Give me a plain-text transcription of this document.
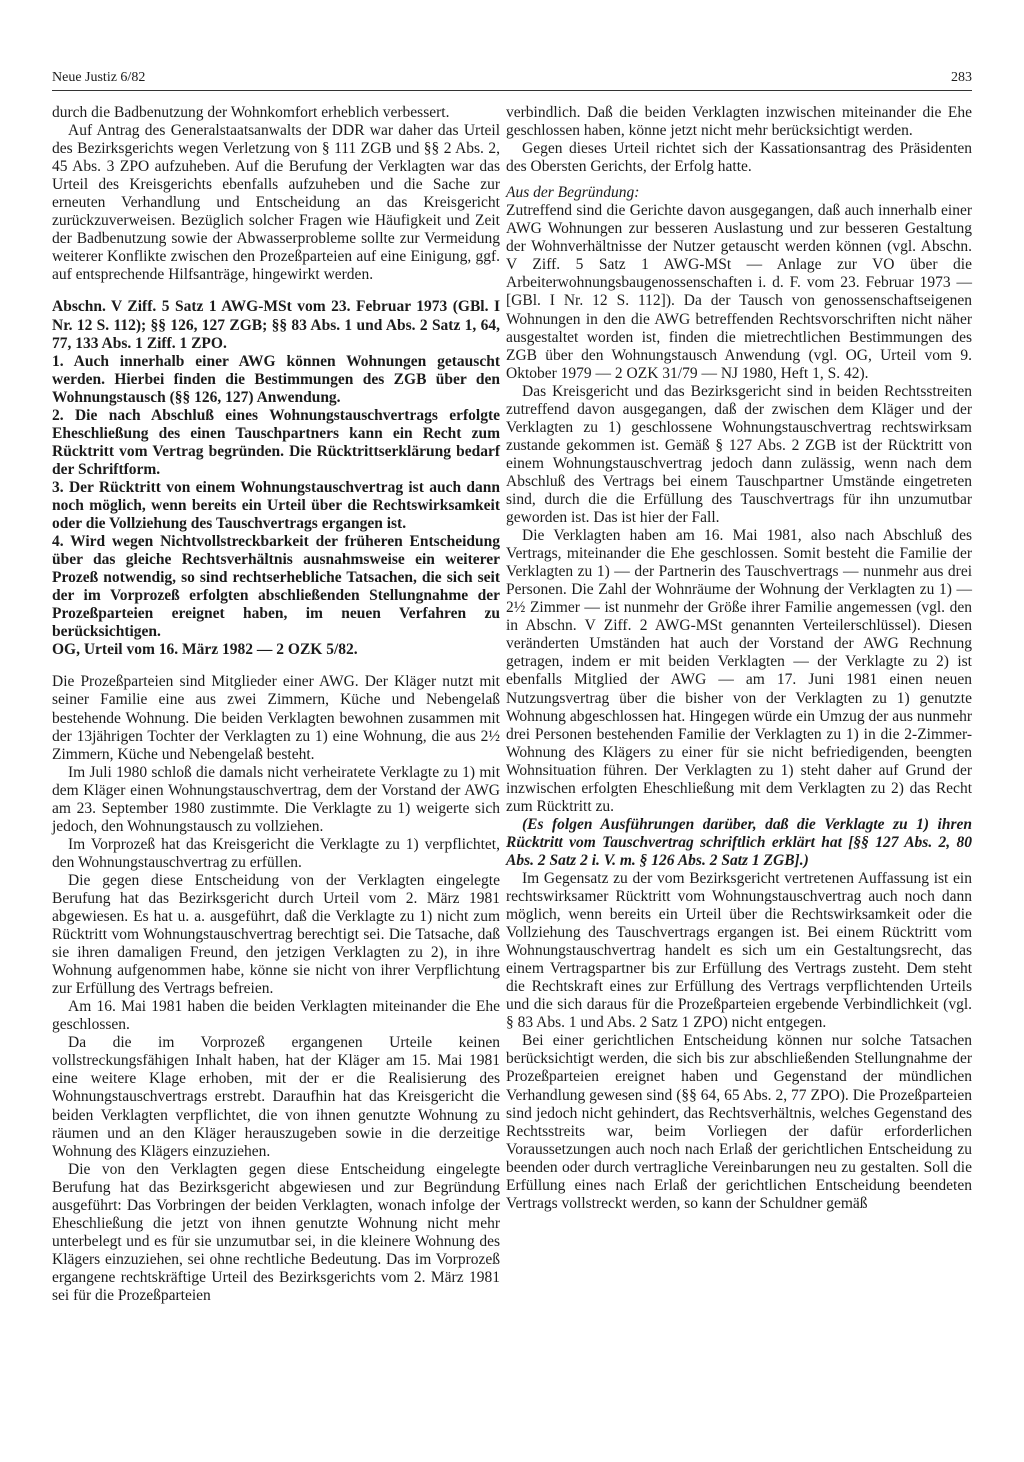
Neue Justiz 6/82	283

durch die Badbenutzung der Wohnkomfort erheblich verbessert.

Auf Antrag des Generalstaatsanwalts der DDR war daher das Urteil des Bezirksgerichts wegen Verletzung von § 111 ZGB und §§ 2 Abs. 2, 45 Abs. 3 ZPO aufzuheben. Auf die Berufung der Verklagten war das Urteil des Kreisgerichts ebenfalls aufzuheben und die Sache zur erneuten Verhandlung und Entscheidung an das Kreisgericht zurückzuverweisen. Bezüglich solcher Fragen wie Häufigkeit und Zeit der Badbenutzung sowie der Abwasserprobleme sollte zur Vermeidung weiterer Konflikte zwischen den Prozeßparteien auf eine Einigung, ggf. auf entsprechende Hilfsanträge, hingewirkt werden.

Abschn. V Ziff. 5 Satz 1 AWG-MSt vom 23. Februar 1973 (GBl. I Nr. 12 S. 112); §§ 126, 127 ZGB; §§ 83 Abs. 1 und Abs. 2 Satz 1, 64, 77, 133 Abs. 1 Ziff. 1 ZPO.

1. Auch innerhalb einer AWG können Wohnungen getauscht werden. Hierbei finden die Bestimmungen des ZGB über den Wohnungstausch (§§ 126, 127) Anwendung.

2. Die nach Abschluß eines Wohnungstauschvertrags erfolgte Eheschließung des einen Tauschpartners kann ein Recht zum Rücktritt vom Vertrag begründen. Die Rücktrittserklärung bedarf der Schriftform.

3. Der Rücktritt von einem Wohnungstauschvertrag ist auch dann noch möglich, wenn bereits ein Urteil über die Rechtswirksamkeit oder die Vollziehung des Tauschvertrags ergangen ist.

4. Wird wegen Nichtvollstreckbarkeit der früheren Entscheidung über das gleiche Rechtsverhältnis ausnahmsweise ein weiterer Prozeß notwendig, so sind rechtserhebliche Tatsachen, die sich seit der im Vorprozeß erfolgten abschließenden Stellungnahme der Prozeßparteien ereignet haben, im neuen Verfahren zu berücksichtigen.

OG, Urteil vom 16. März 1982 — 2 OZK 5/82.

Die Prozeßparteien sind Mitglieder einer AWG. Der Kläger nutzt mit seiner Familie eine aus zwei Zimmern, Küche und Nebengelaß bestehende Wohnung. Die beiden Verklagten bewohnen zusammen mit der 13jährigen Tochter der Verklagten zu 1) eine Wohnung, die aus 2½ Zimmern, Küche und Nebengelaß besteht.

Im Juli 1980 schloß die damals nicht verheiratete Verklagte zu 1) mit dem Kläger einen Wohnungstauschvertrag, dem der Vorstand der AWG am 23. September 1980 zustimmte. Die Verklagte zu 1) weigerte sich jedoch, den Wohnungstausch zu vollziehen.

Im Vorprozeß hat das Kreisgericht die Verklagte zu 1) verpflichtet, den Wohnungstauschvertrag zu erfüllen.

Die gegen diese Entscheidung von der Verklagten eingelegte Berufung hat das Bezirksgericht durch Urteil vom 2. März 1981 abgewiesen. Es hat u. a. ausgeführt, daß die Verklagte zu 1) nicht zum Rücktritt vom Wohnungstauschvertrag berechtigt sei. Die Tatsache, daß sie ihren damaligen Freund, den jetzigen Verklagten zu 2), in ihre Wohnung aufgenommen habe, könne sie nicht von ihrer Verpflichtung zur Erfüllung des Vertrags befreien.

Am 16. Mai 1981 haben die beiden Verklagten miteinander die Ehe geschlossen.

Da die im Vorprozeß ergangenen Urteile keinen vollstreckungsfähigen Inhalt haben, hat der Kläger am 15. Mai 1981 eine weitere Klage erhoben, mit der er die Realisierung des Wohnungstauschvertrags erstrebt. Daraufhin hat das Kreisgericht die beiden Verklagten verpflichtet, die von ihnen genutzte Wohnung zu räumen und an den Kläger herauszugeben sowie in die derzeitige Wohnung des Klägers einzuziehen.

Die von den Verklagten gegen diese Entscheidung eingelegte Berufung hat das Bezirksgericht abgewiesen und zur Begründung ausgeführt: Das Vorbringen der beiden Verklagten, wonach infolge der Eheschließung die jetzt von ihnen genutzte Wohnung nicht mehr unterbelegt und es für sie unzumutbar sei, in die kleinere Wohnung des Klägers einzuziehen, sei ohne rechtliche Bedeutung. Das im Vorprozeß ergangene rechtskräftige Urteil des Bezirksgerichts vom 2. März 1981 sei für die Prozeßparteien

verbindlich. Daß die beiden Verklagten inzwischen miteinander die Ehe geschlossen haben, könne jetzt nicht mehr berücksichtigt werden.

Gegen dieses Urteil richtet sich der Kassationsantrag des Präsidenten des Obersten Gerichts, der Erfolg hatte.

Aus der Begründung:

Zutreffend sind die Gerichte davon ausgegangen, daß auch innerhalb einer AWG Wohnungen zur besseren Auslastung und zur besseren Gestaltung der Wohnverhältnisse der Nutzer getauscht werden können (vgl. Abschn. V Ziff. 5 Satz 1 AWG-MSt — Anlage zur VO über die Arbeiterwohnungsbaugenossenschaften i. d. F. vom 23. Februar 1973 — [GBl. I Nr. 12 S. 112]). Da der Tausch von genossenschaftseigenen Wohnungen in den die AWG betreffenden Rechtsvorschriften nicht näher ausgestaltet worden ist, finden die mietrechtlichen Bestimmungen des ZGB über den Wohnungstausch Anwendung (vgl. OG, Urteil vom 9. Oktober 1979 — 2 OZK 31/79 — NJ 1980, Heft 1, S. 42).

Das Kreisgericht und das Bezirksgericht sind in beiden Rechtsstreiten zutreffend davon ausgegangen, daß der zwischen dem Kläger und der Verklagten zu 1) geschlossene Wohnungstauschvertrag rechtswirksam zustande gekommen ist. Gemäß § 127 Abs. 2 ZGB ist der Rücktritt von einem Wohnungstauschvertrag jedoch dann zulässig, wenn nach dem Abschluß des Vertrags bei einem Tauschpartner Umstände eingetreten sind, durch die die Erfüllung des Tauschvertrags für ihn unzumutbar geworden ist. Das ist hier der Fall.

Die Verklagten haben am 16. Mai 1981, also nach Abschluß des Vertrags, miteinander die Ehe geschlossen. Somit besteht die Familie der Verklagten zu 1) — der Partnerin des Tauschvertrags — nunmehr aus drei Personen. Die Zahl der Wohnräume der Wohnung der Verklagten zu 1) — 2½ Zimmer — ist nunmehr der Größe ihrer Familie angemessen (vgl. den in Abschn. V Ziff. 2 AWG-MSt genannten Verteilerschlüssel). Diesen veränderten Umständen hat auch der Vorstand der AWG Rechnung getragen, indem er mit beiden Verklagten — der Verklagte zu 2) ist ebenfalls Mitglied der AWG — am 17. Juni 1981 einen neuen Nutzungsvertrag über die bisher von der Verklagten zu 1) genutzte Wohnung abgeschlossen hat. Hingegen würde ein Umzug der aus nunmehr drei Personen bestehenden Familie der Verklagten zu 1) in die 2-Zimmer-Wohnung des Klägers zu einer für sie nicht befriedigenden, beengten Wohnsituation führen. Der Verklagten zu 1) steht daher auf Grund der inzwischen erfolgten Eheschließung mit dem Verklagten zu 2) das Recht zum Rücktritt zu.

(Es folgen Ausführungen darüber, daß die Verklagte zu 1) ihren Rücktritt vom Tauschvertrag schriftlich erklärt hat [§§ 127 Abs. 2, 80 Abs. 2 Satz 2 i. V. m. § 126 Abs. 2 Satz 1 ZGB].)

Im Gegensatz zu der vom Bezirksgericht vertretenen Auffassung ist ein rechtswirksamer Rücktritt vom Wohnungstauschvertrag auch noch dann möglich, wenn bereits ein Urteil über die Rechtswirksamkeit oder die Vollziehung des Tauschvertrags ergangen ist. Bei einem Rücktritt vom Wohnungstauschvertrag handelt es sich um ein Gestaltungsrecht, das einem Vertragspartner bis zur Erfüllung des Vertrags zusteht. Dem steht die Rechtskraft eines zur Erfüllung des Vertrags verpflichtenden Urteils und die sich daraus für die Prozeßparteien ergebende Verbindlichkeit (vgl. § 83 Abs. 1 und Abs. 2 Satz 1 ZPO) nicht entgegen.

Bei einer gerichtlichen Entscheidung können nur solche Tatsachen berücksichtigt werden, die sich bis zur abschließenden Stellungnahme der Prozeßparteien ereignet haben und Gegenstand der mündlichen Verhandlung gewesen sind (§§ 64, 65 Abs. 2, 77 ZPO). Die Prozeßparteien sind jedoch nicht gehindert, das Rechtsverhältnis, welches Gegenstand des Rechtsstreits war, beim Vorliegen der dafür erforderlichen Voraussetzungen auch noch nach Erlaß der gerichtlichen Entscheidung zu beenden oder durch vertragliche Vereinbarungen neu zu gestalten. Soll die Erfüllung eines nach Erlaß der gerichtlichen Entscheidung beendeten Vertrags vollstreckt werden, so kann der Schuldner gemäß
